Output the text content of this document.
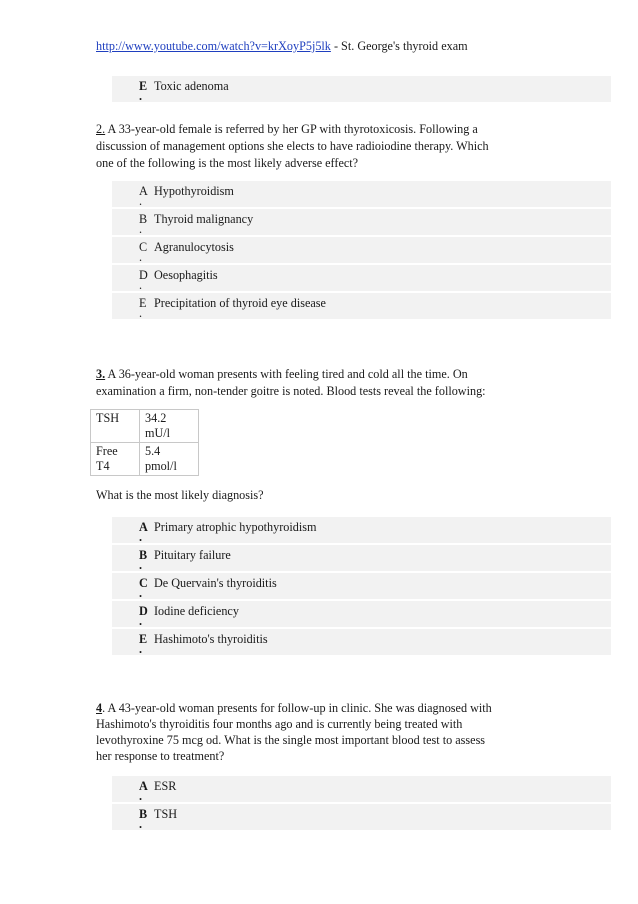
http://www.youtube.com/watch?v=krXoyP5j5lk - St. George's thyroid exam
E
.
Toxic adenoma
2. A 33-year-old female is referred by her GP with thyrotoxicosis. Following a
discussion of management options she elects to have radioiodine therapy. Which
one of the following is the most likely adverse effect?
A
.
Hypothyroidism
B
.
Thyroid malignancy
C
.
Agranulocytosis
D
.
Oesophagitis
E
.
Precipitation of thyroid eye disease
3. A 36-year-old woman presents with feeling tired and cold all the time. On
examination a firm, non-tender goitre is noted. Blood tests reveal the following:
TSH	34.2
mU/l
Free
T4	5.4
pmol/l
What is the most likely diagnosis?
A
.
Primary atrophic hypothyroidism
B
.
Pituitary failure
C
.
De Quervain's thyroiditis
D
.
Iodine deficiency
E
.
Hashimoto's thyroiditis
4. A 43-year-old woman presents for follow-up in clinic. She was diagnosed with
Hashimoto's thyroiditis four months ago and is currently being treated with
levothyroxine 75 mcg od. What is the single most important blood test to assess
her response to treatment?
A
.
ESR
B
.
TSH
